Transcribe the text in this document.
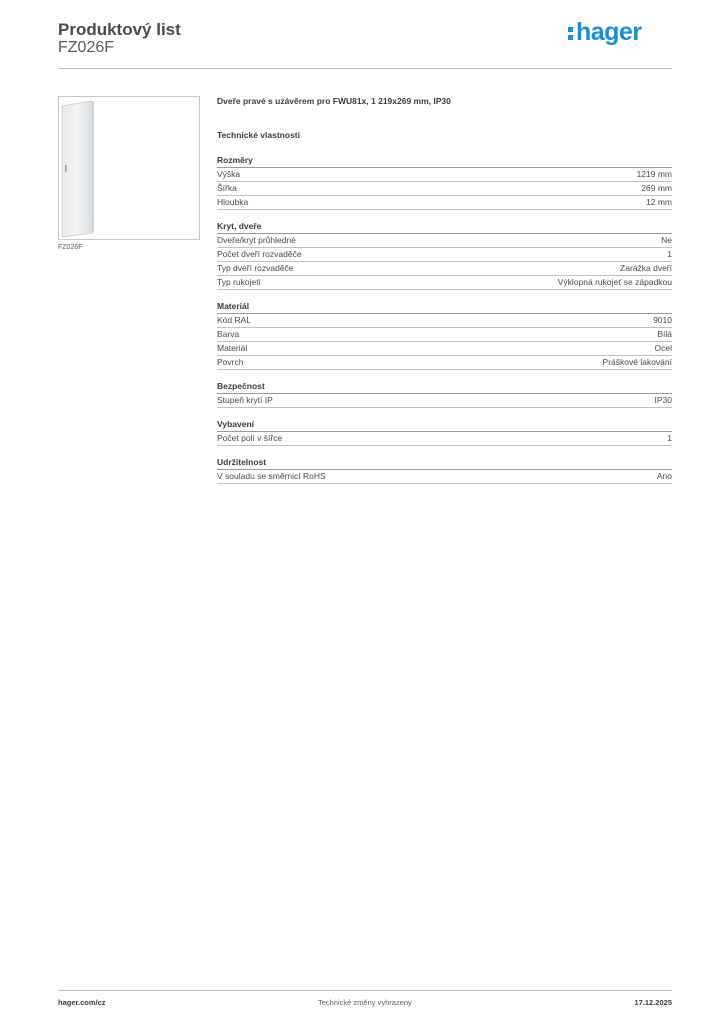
Produktový list
FZ026F
hager
FZ026F
Dveře pravé s uzávěrem pro FWU81x, 1 219x269 mm, IP30
Technické vlastnosti
Rozměry
Výška	1219 mm
Šířka	269 mm
Hloubka	12 mm
Kryt, dveře
Dveře/kryt průhledné	Ne
Počet dveří rozvaděče	1
Typ dveří rozvaděče	Zarážka dveří
Typ rukojeti	Výklopná rukojeť se západkou
Materiál
Kód RAL	9010
Barva	Bílá
Materiál	Ocel
Povrch	Práškové lakování
Bezpečnost
Stupeň krytí IP	IP30
Vybavení
Počet polí v šířce	1
Udržitelnost
V souladu se směrnicí RoHS	Ano
hager.com/cz	Technické změny vyhrazeny	17.12.2025
